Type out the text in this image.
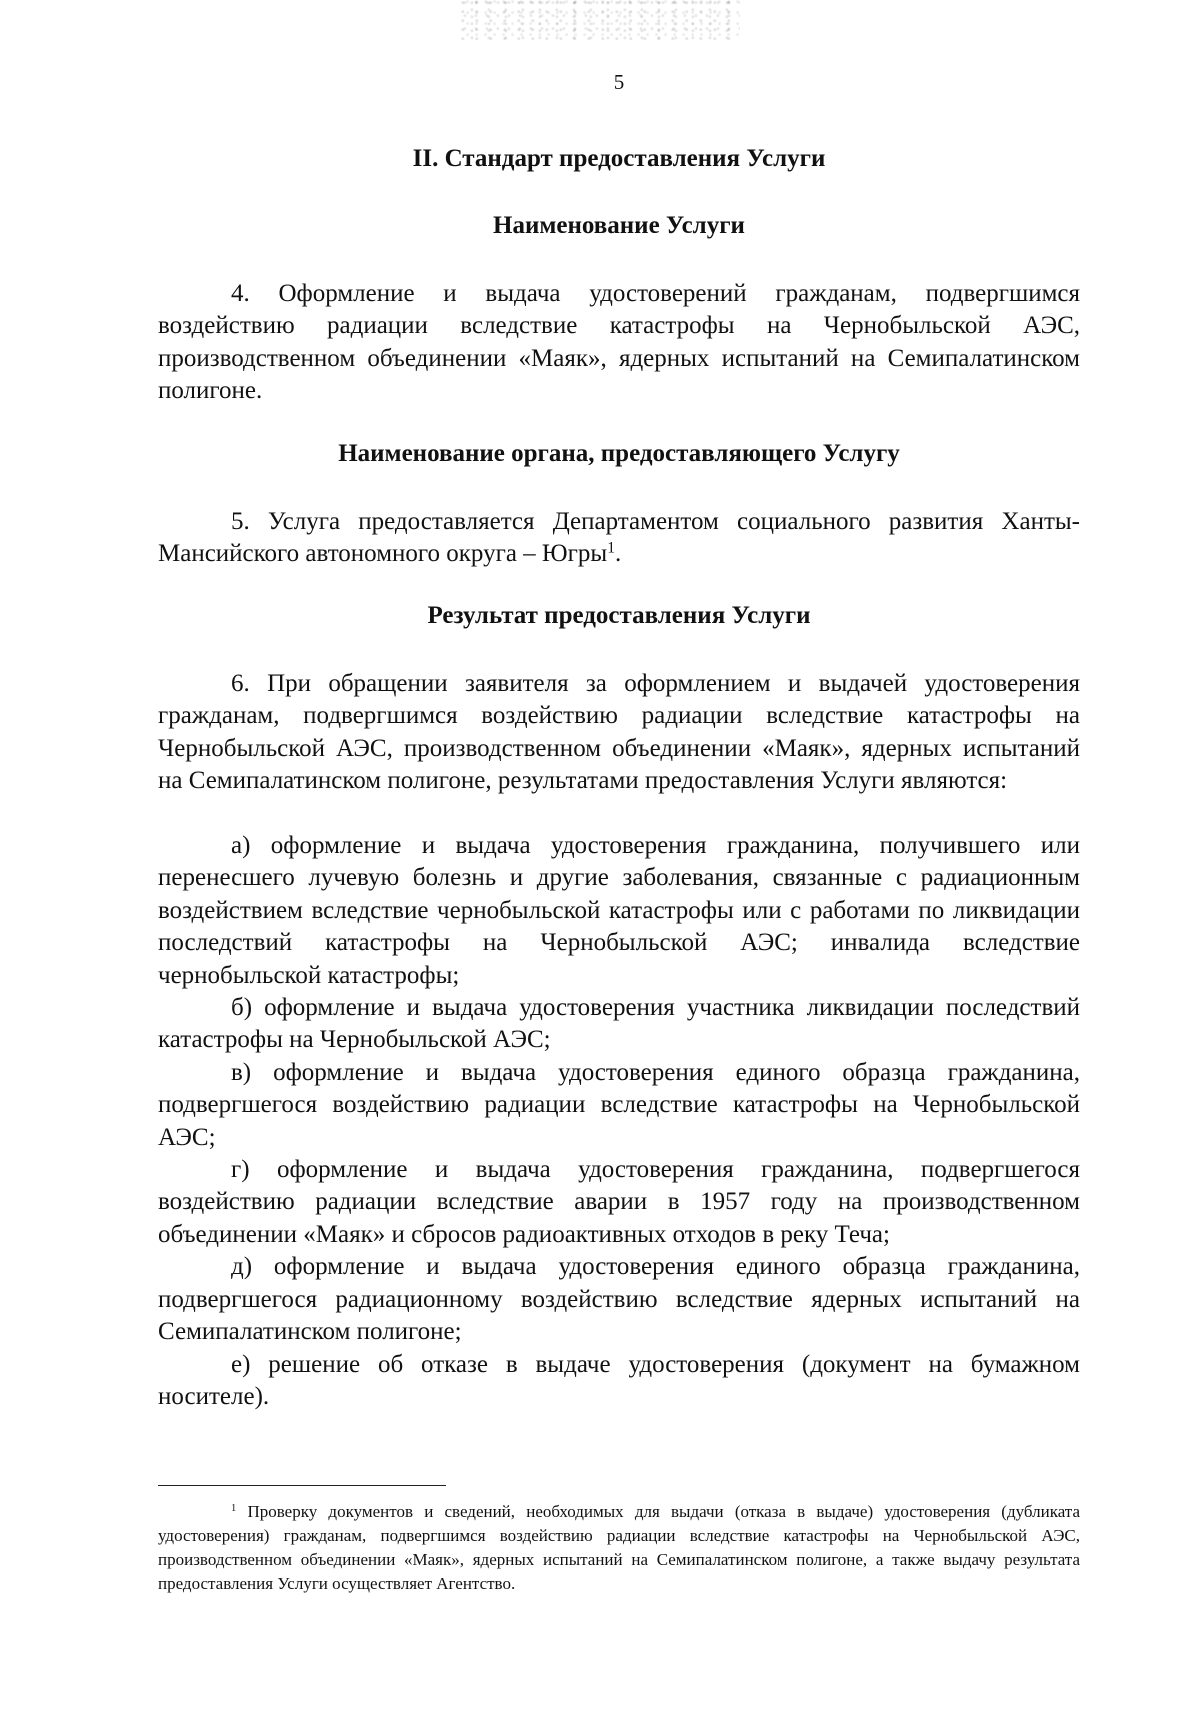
5
II. Стандарт предоставления Услуги
Наименование Услуги

4. Оформление и выдача удостоверений гражданам, подвергшимся воздействию радиации вследствие катастрофы на Чернобыльской АЭС, производственном объединении «Маяк», ядерных испытаний на Семипалатинском полигоне.

Наименование органа, предоставляющего Услугу

5. Услуга предоставляется Департаментом социального развития Ханты-Мансийского автономного округа – Югры$^1$.

Результат предоставления Услуги

6. При обращении заявителя за оформлением и выдачей удостоверения гражданам, подвергшимся воздействию радиации вследствие катастрофы на Чернобыльской АЭС, производственном объединении «Маяк», ядерных испытаний на Семипалатинском полигоне, результатами предоставления Услуги являются:

а) оформление и выдача удостоверения гражданина, получившего или перенесшего лучевую болезнь и другие заболевания, связанные с радиационным воздействием вследствие чернобыльской катастрофы или с работами по ликвидации последствий катастрофы на Чернобыльской АЭС; инвалида вследствие чернобыльской катастрофы;
б) оформление и выдача удостоверения участника ликвидации последствий катастрофы на Чернобыльской АЭС;
в) оформление и выдача удостоверения единого образца гражданина, подвергшегося воздействию радиации вследствие катастрофы на Чернобыльской АЭС;
г) оформление и выдача удостоверения гражданина, подвергшегося воздействию радиации вследствие аварии в 1957 году на производственном объединении «Маяк» и сбросов радиоактивных отходов в реку Теча;
д) оформление и выдача удостоверения единого образца гражданина, подвергшегося радиационному воздействию вследствие ядерных испытаний на Семипалатинском полигоне;
е) решение об отказе в выдаче удостоверения (документ на бумажном носителе).

$^1$ Проверку документов и сведений, необходимых для выдачи (отказа в выдаче) удостоверения (дубликата удостоверения) гражданам, подвергшимся воздействию радиации вследствие катастрофы на Чернобыльской АЭС, производственном объединении «Маяк», ядерных испытаний на Семипалатинском полигоне, а также выдачу результата предоставления Услуги осуществляет Агентство.
